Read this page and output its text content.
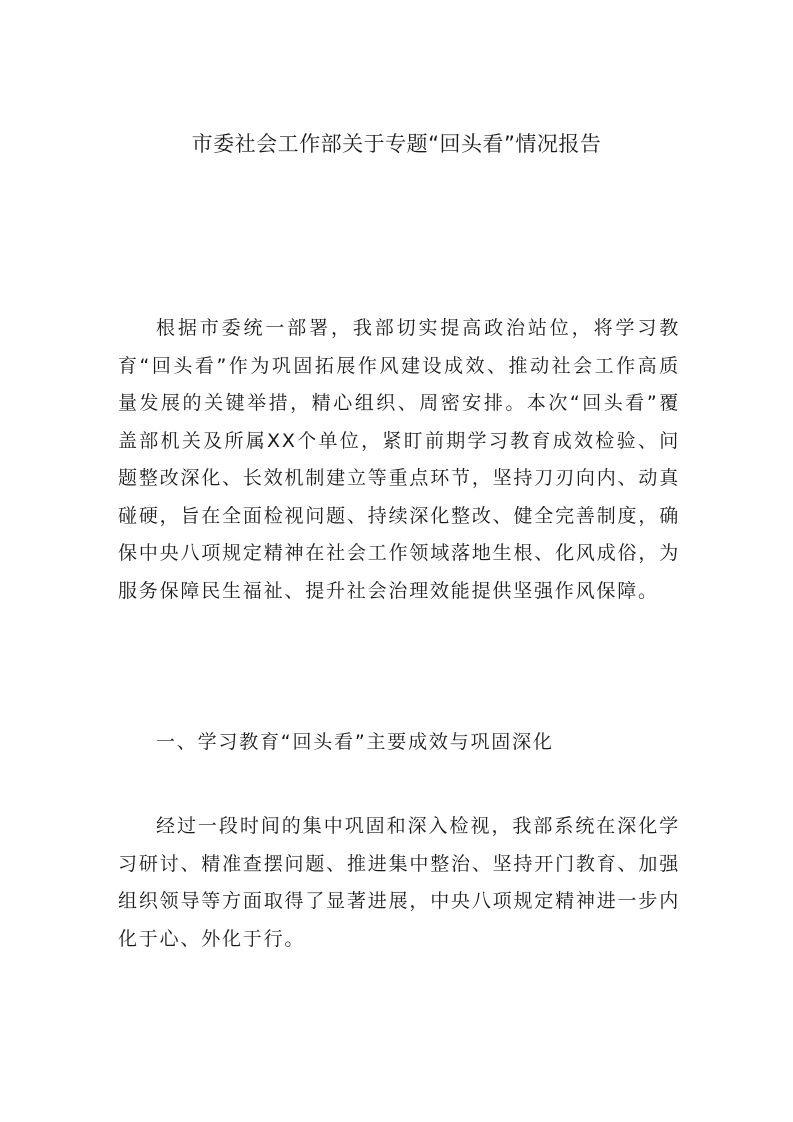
市委社会工作部关于专题“回头看”情况报告

根据市委统一部署，我部切实提高政治站位，将学习教育“回头看”作为巩固拓展作风建设成效、推动社会工作高质量发展的关键举措，精心组织、周密安排。本次“回头看”覆盖部机关及所属XX个单位，紧盯前期学习教育成效检验、问题整改深化、长效机制建立等重点环节，坚持刀刃向内、动真碰硬，旨在全面检视问题、持续深化整改、健全完善制度，确保中央八项规定精神在社会工作领域落地生根、化风成俗，为服务保障民生福祉、提升社会治理效能提供坚强作风保障。

一、学习教育“回头看”主要成效与巩固深化

经过一段时间的集中巩固和深入检视，我部系统在深化学习研讨、精准查摆问题、推进集中整治、坚持开门教育、加强组织领导等方面取得了显著进展，中央八项规定精神进一步内化于心、外化于行。
